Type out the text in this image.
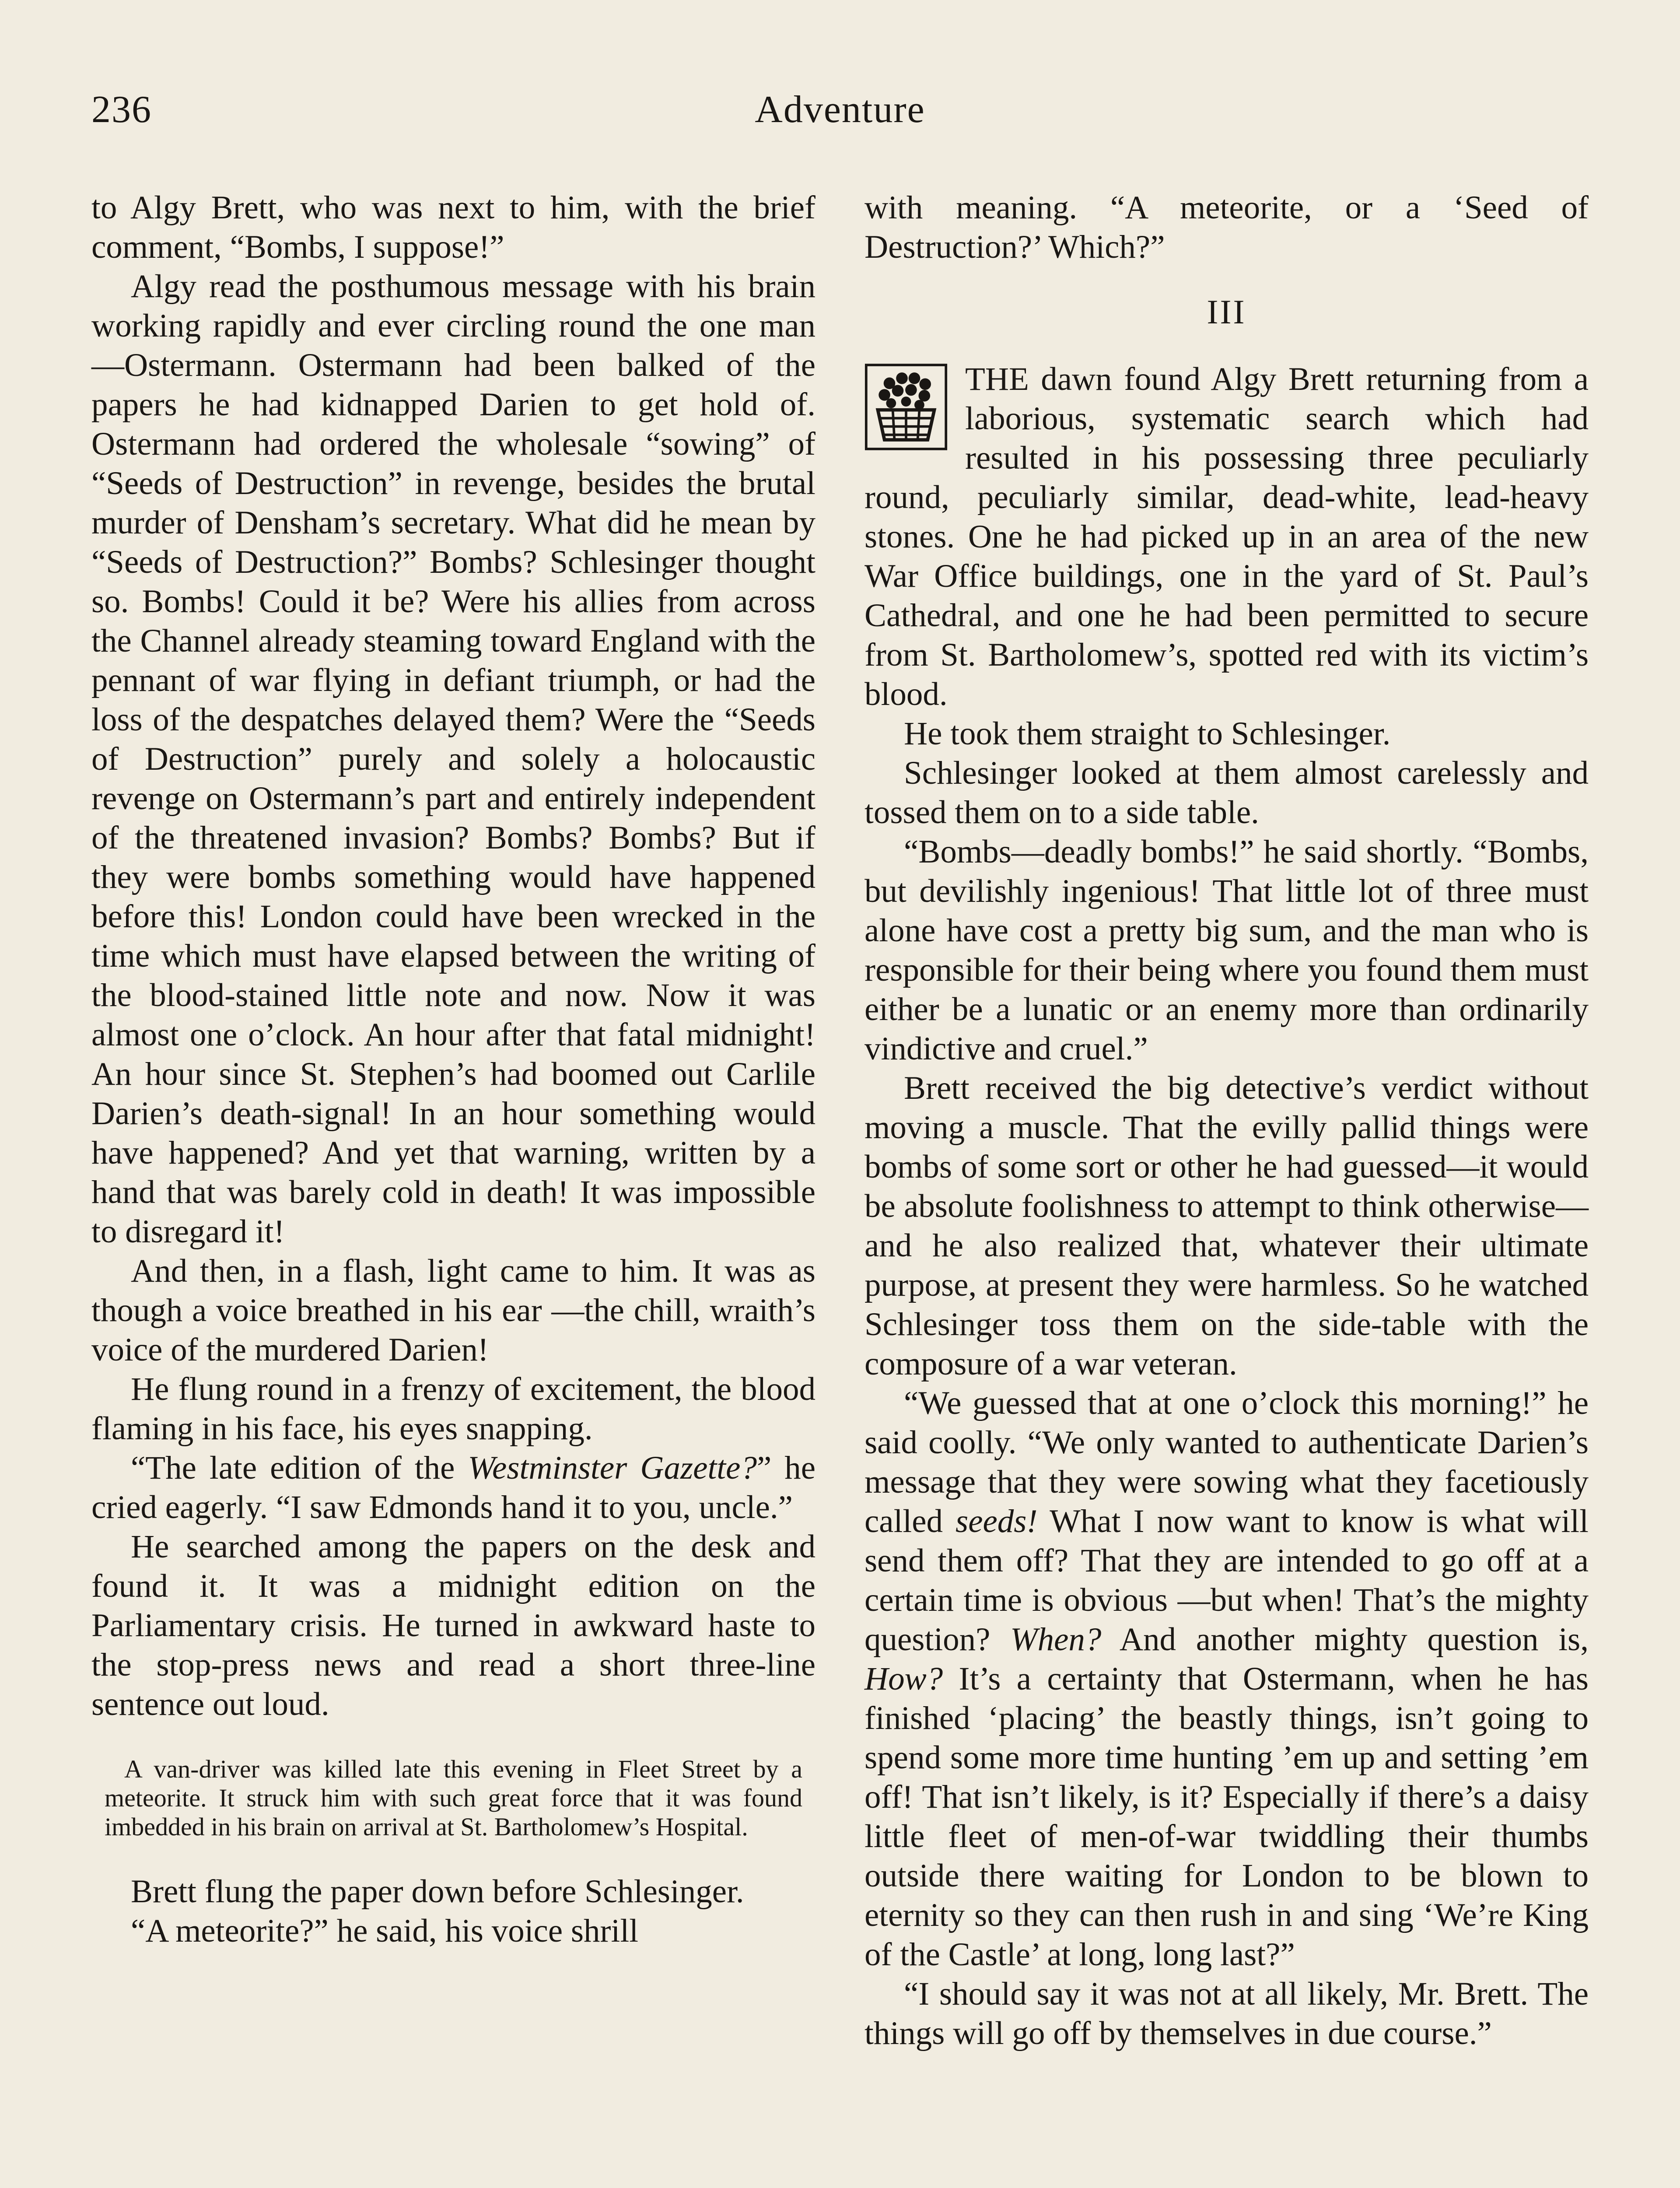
236	Adventure

to Algy Brett, who was next to him, with the brief comment, “Bombs, I suppose!”

Algy read the posthumous message with his brain working rapidly and ever circling round the one man—Ostermann. Ostermann had been balked of the papers he had kidnapped Darien to get hold of. Ostermann had ordered the wholesale “sowing” of “Seeds of Destruction” in revenge, besides the brutal murder of Densham’s secretary. What did he mean by “Seeds of Destruction?” Bombs? Schlesinger thought so. Bombs! Could it be? Were his allies from across the Channel already steaming toward England with the pennant of war flying in defiant triumph, or had the loss of the despatches delayed them? Were the “Seeds of Destruction” purely and solely a holocaustic revenge on Ostermann’s part and entirely independent of the threatened invasion? Bombs? Bombs? But if they were bombs something would have happened before this! London could have been wrecked in the time which must have elapsed between the writing of the blood-stained little note and now. Now it was almost one o’clock. An hour after that fatal midnight! An hour since St. Stephen’s had boomed out Carlile Darien’s death-signal! In an hour something would have happened? And yet that warning, written by a hand that was barely cold in death! It was impossible to disregard it!

And then, in a flash, light came to him. It was as though a voice breathed in his ear —the chill, wraith’s voice of the murdered Darien!

He flung round in a frenzy of excitement, the blood flaming in his face, his eyes snapping.

“The late edition of the Westminster Gazette?” he cried eagerly. “I saw Edmonds hand it to you, uncle.”

He searched among the papers on the desk and found it. It was a midnight edition on the Parliamentary crisis. He turned in awkward haste to the stop-press news and read a short three-line sentence out loud.

A van-driver was killed late this evening in Fleet Street by a meteorite. It struck him with such great force that it was found imbedded in his brain on arrival at St. Bartholomew’s Hospital.

Brett flung the paper down before Schlesinger.

“A meteorite?” he said, his voice shrill

with meaning. “A meteorite, or a ‘Seed of Destruction?’ Which?”

III

THE dawn found Algy Brett returning from a laborious, systematic search which had resulted in his possessing three peculiarly round, peculiarly similar, dead-white, lead-heavy stones. One he had picked up in an area of the new War Office buildings, one in the yard of St. Paul’s Cathedral, and one he had been permitted to secure from St. Bartholomew’s, spotted red with its victim’s blood.

He took them straight to Schlesinger.

Schlesinger looked at them almost carelessly and tossed them on to a side table.

“Bombs—deadly bombs!” he said shortly. “Bombs, but devilishly ingenious! That little lot of three must alone have cost a pretty big sum, and the man who is responsible for their being where you found them must either be a lunatic or an enemy more than ordinarily vindictive and cruel.”

Brett received the big detective’s verdict without moving a muscle. That the evilly pallid things were bombs of some sort or other he had guessed—it would be absolute foolishness to attempt to think otherwise— and he also realized that, whatever their ultimate purpose, at present they were harmless. So he watched Schlesinger toss them on the side-table with the composure of a war veteran.

“We guessed that at one o’clock this morning!” he said coolly. “We only wanted to authenticate Darien’s message that they were sowing what they facetiously called seeds! What I now want to know is what will send them off? That they are intended to go off at a certain time is obvious —but when! That’s the mighty question? When? And another mighty question is, How? It’s a certainty that Ostermann, when he has finished ‘placing’ the beastly things, isn’t going to spend some more time hunting ’em up and setting ’em off! That isn’t likely, is it? Especially if there’s a daisy little fleet of men-of-war twiddling their thumbs outside there waiting for London to be blown to eternity so they can then rush in and sing ‘We’re King of the Castle’ at long, long last?”

“I should say it was not at all likely, Mr. Brett. The things will go off by themselves in due course.”
